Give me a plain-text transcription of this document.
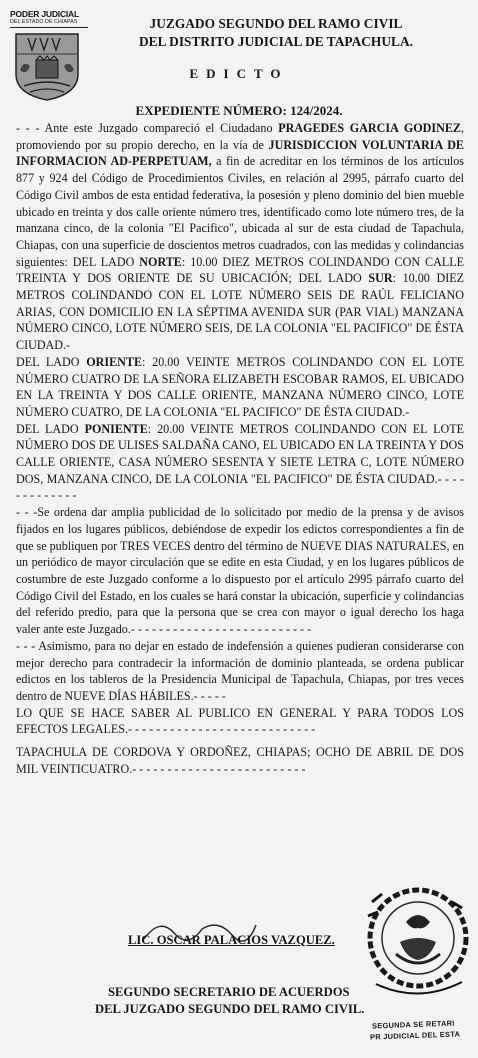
PODER JUDICIAL
DEL ESTADO DE CHIAPAS	JUZGADO SEGUNDO DEL RAMO CIVIL
DEL DISTRITO JUDICIAL DE TAPACHULA.
EDICTO
EXPEDIENTE NÚMERO: 124/2024.

- - - Ante este Juzgado compareció el Ciudadano PRAGEDES GARCIA GODINEZ, promoviendo por su propio derecho, en la vía de JURISDICCION VOLUNTARIA DE INFORMACION AD-PERPETUAM, a fin de acreditar en los términos de los artículos 877 y 924 del Código de Procedimientos Civiles, en relación al 2995, párrafo cuarto del Código Civil ambos de esta entidad federativa, la posesión y pleno dominio del bien mueble ubicado en treinta y dos calle oriente número tres, identificado como lote número tres, de la manzana cinco, de la colonia "El Pacifico", ubicada al sur de esta ciudad de Tapachula, Chiapas, con una superficie de doscientos metros cuadrados, con las medidas y colindancias siguientes: DEL LADO NORTE: 10.00 DIEZ METROS COLINDANDO CON CALLE TREINTA Y DOS ORIENTE DE SU UBICACIÓN; DEL LADO SUR: 10.00 DIEZ METROS COLINDANDO CON EL LOTE NÚMERO SEIS DE RAÚL FELICIANO ARIAS, CON DOMICILIO EN LA SÉPTIMA AVENIDA SUR (PAR VIAL) MANZANA NÚMERO CINCO, LOTE NÚMERO SEIS, DE LA COLONIA "EL PACIFICO" DE ÉSTA CIUDAD.-

DEL LADO ORIENTE: 20.00 VEINTE METROS COLINDANDO CON EL LOTE NÚMERO CUATRO DE LA SEÑORA ELIZABETH ESCOBAR RAMOS, EL UBICADO EN LA TREINTA Y DOS CALLE ORIENTE, MANZANA NÚMERO CINCO, LOTE NÚMERO CUATRO, DE LA COLONIA "EL PACIFICO" DE ÉSTA CIUDAD.-

DEL LADO PONIENTE: 20.00 VEINTE METROS COLINDANDO CON EL LOTE NÚMERO DOS DE ULISES SALDAÑA CANO, EL UBICADO EN LA TREINTA Y DOS CALLE ORIENTE, CASA NÚMERO SESENTA Y SIETE LETRA C, LOTE NÚMERO DOS, MANZANA CINCO, DE LA COLONIA "EL PACIFICO" DE ÉSTA CIUDAD.- - - - - - - - - - - - -

- - -Se ordena dar amplia publicidad de lo solicitado por medio de la prensa y de avisos fijados en los lugares públicos, debiéndose de expedir los edictos correspondientes a fin de que se publiquen por TRES VECES dentro del término de NUEVE DIAS NATURALES, en un periódico de mayor circulación que se edite en esta Ciudad, y en los lugares públicos de costumbre de este Juzgado conforme a lo dispuesto por el artículo 2995 párrafo cuarto del Código Civil del Estado, en los cuales se hará constar la ubicación, superficie y colindancias del referido predio, para que la persona que se crea con mayor o igual derecho los haga valer ante este Juzgado.- - - - - - - - - - - - - - - - - - - - - - - - - -

- - - Asimismo, para no dejar en estado de indefensión a quienes pudieran considerarse con mejor derecho para contradecir la información de dominio planteada, se ordena publicar edictos en los tableros de la Presidencia Municipal de Tapachula, Chiapas, por tres veces dentro de NUEVE DÍAS HÁBILES.- - - - -

LO QUE SE HACE SABER AL PUBLICO EN GENERAL Y PARA TODOS LOS EFECTOS LEGALES.- - - - - - - - - - - - - - - - - - - - - - - - - - -

TAPACHULA DE CORDOVA Y ORDOÑEZ, CHIAPAS; OCHO DE ABRIL DE DOS MIL VEINTICUATRO.- - - - - - - - - - - - - - - - - - - - - - - - -

LIC. OSCAR PALACIOS VAZQUEZ.
SEGUNDO SECRETARIO DE ACUERDOS
DEL JUZGADO SEGUNDO DEL RAMO CIVIL.
SEGUNDA SE RETARI
PR JUDICIAL DEL ESTA
